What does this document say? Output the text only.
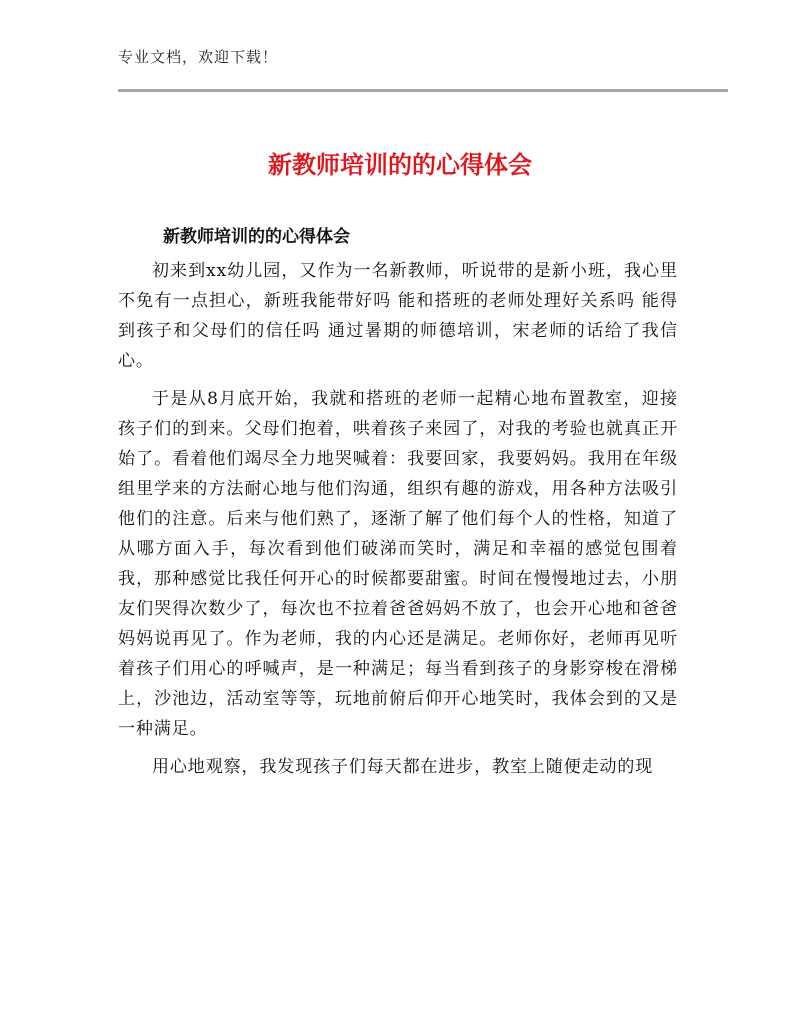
专业文档，欢迎下载！
新教师培训的的心得体会
新教师培训的的心得体会

初来到xx幼儿园，又作为一名新教师，听说带的是新小班，我心里不免有一点担心，新班我能带好吗 能和搭班的老师处理好关系吗 能得到孩子和父母们的信任吗 通过暑期的师德培训，宋老师的话给了我信心。

于是从8月底开始，我就和搭班的老师一起精心地布置教室，迎接孩子们的到来。父母们抱着，哄着孩子来园了，对我的考验也就真正开始了。看着他们竭尽全力地哭喊着：我要回家，我要妈妈。我用在年级组里学来的方法耐心地与他们沟通，组织有趣的游戏，用各种方法吸引他们的注意。后来与他们熟了，逐渐了解了他们每个人的性格，知道了从哪方面入手，每次看到他们破涕而笑时，满足和幸福的感觉包围着我，那种感觉比我任何开心的时候都要甜蜜。时间在慢慢地过去，小朋友们哭得次数少了，每次也不拉着爸爸妈妈不放了，也会开心地和爸爸妈妈说再见了。作为老师，我的内心还是满足。老师你好，老师再见听着孩子们用心的呼喊声，是一种满足；每当看到孩子的身影穿梭在滑梯上，沙池边，活动室等等，玩地前俯后仰开心地笑时，我体会到的又是一种满足。

用心地观察，我发现孩子们每天都在进步，教室上随便走动的现
